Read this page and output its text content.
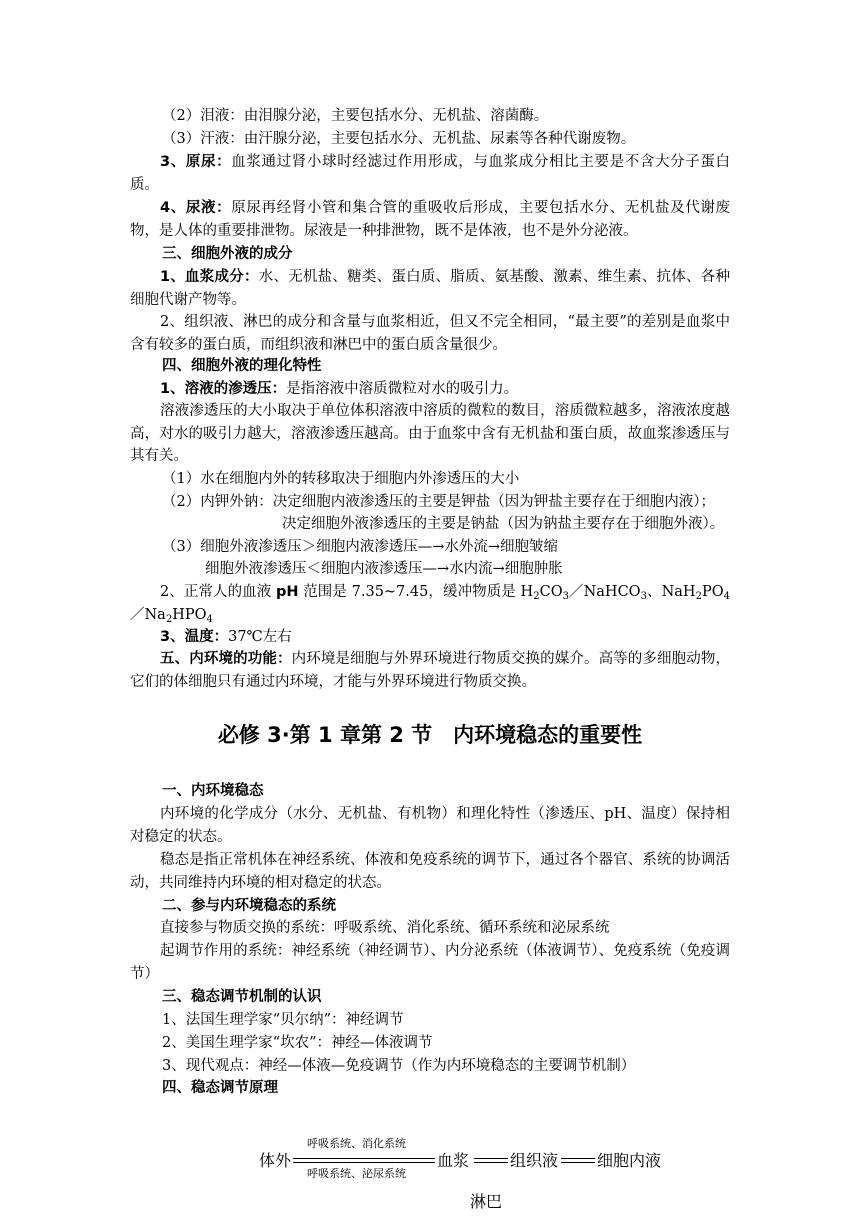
（2）泪液：由泪腺分泌，主要包括水分、无机盐、溶菌酶。
（3）汗液：由汗腺分泌，主要包括水分、无机盐、尿素等各种代谢废物。

3、原尿：血浆通过肾小球时经滤过作用形成，与血浆成分相比主要是不含大分子蛋白质。

4、尿液：原尿再经肾小管和集合管的重吸收后形成，主要包括水分、无机盐及代谢废物，是人体的重要排泄物。尿液是一种排泄物，既不是体液，也不是外分泌液。

三、细胞外液的成分

1、血浆成分：水、无机盐、糖类、蛋白质、脂质、氨基酸、激素、维生素、抗体、各种细胞代谢产物等。

2、组织液、淋巴的成分和含量与血浆相近，但又不完全相同，“最主要”的差别是血浆中含有较多的蛋白质，而组织液和淋巴中的蛋白质含量很少。

四、细胞外液的理化特性

1、溶液的渗透压：是指溶液中溶质微粒对水的吸引力。

溶液渗透压的大小取决于单位体积溶液中溶质的微粒的数目，溶质微粒越多，溶液浓度越高，对水的吸引力越大，溶液渗透压越高。由于血浆中含有无机盐和蛋白质，故血浆渗透压与其有关。

（1）水在细胞内外的转移取决于细胞内外渗透压的大小
（2）内钾外钠：决定细胞内液渗透压的主要是钾盐（因为钾盐主要存在于细胞内液）；
决定细胞外液渗透压的主要是钠盐（因为钠盐主要存在于细胞外液）。
（3）细胞外液渗透压＞细胞内液渗透压—→水外流→细胞皱缩
细胞外液渗透压＜细胞内液渗透压—→水内流→细胞肿胀

2、正常人的血液 pH 范围是 7.35~7.45，缓冲物质是 $H_2CO_3/NaHCO_3$、$NaH_2PO_4/Na_2HPO_4$

3、温度：37℃左右

五、内环境的功能：内环境是细胞与外界环境进行物质交换的媒介。高等的多细胞动物，它们的体细胞只有通过内环境，才能与外界环境进行物质交换。

必修 3·第 1 章第 2 节　内环境稳态的重要性
一、内环境稳态

内环境的化学成分（水分、无机盐、有机物）和理化特性（渗透压、pH、温度）保持相对稳定的状态。

稳态是指正常机体在神经系统、体液和免疫系统的调节下，通过各个器官、系统的协调活动，共同维持内环境的相对稳定的状态。

二、参与内环境稳态的系统

直接参与物质交换的系统：呼吸系统、消化系统、循环系统和泌尿系统

起调节作用的系统：神经系统（神经调节）、内分泌系统（体液调节）、免疫系统（免疫调节）

三、稳态调节机制的认识
1、法国生理学家“贝尔纳”：神经调节
2、美国生理学家“坎农”：神经—体液调节
3、现代观点：神经—体液—免疫调节（作为内环境稳态的主要调节机制）
四、稳态调节原理
体外
呼吸系统、消化系统
呼吸系统、泌尿系统
血浆	组织液 细胞内液
淋巴
